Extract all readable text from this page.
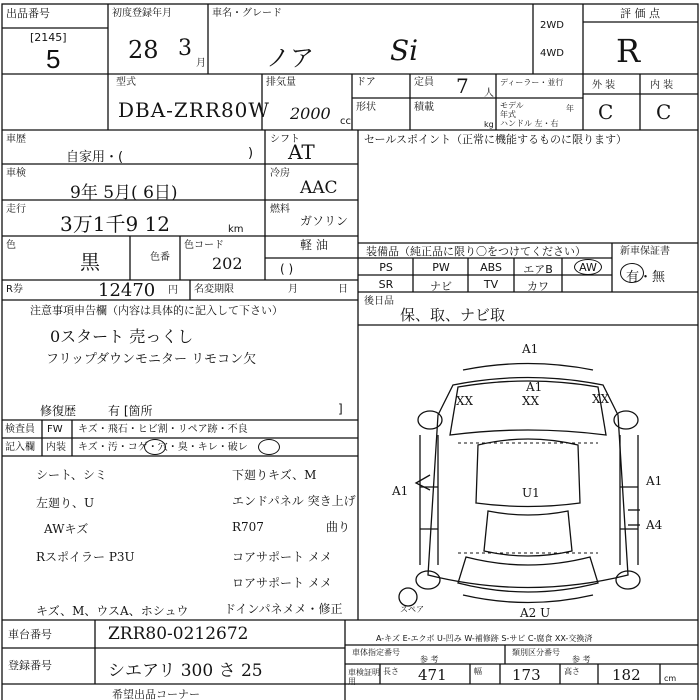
出品番号
[2145]
5
初度登録年月
28 3
月
車名・グレード
ノア	Si
2WD
4WD
評 価 点
R
型式
DBA-ZRR80W
排気量
2000 cc
ドア	定員 7 人
形状	積載
kg
ディーラー・並行
モデル 年式
年
ハンドル 左・右
外 装	内 装
C C
車歴
自家用・(	)
シフト
AT
車検
9年 5月( 6日)
冷房
AAC
走行
3万1千9 12	km
燃料
ガソリン
軽 油
( )
色
黒	色番
色コード
202
R券	12470 円 名変期限	月	日
セールスポイント（正常に機能するものに限ります）
装備品（純正品に限り〇をつけてください）	新車保証書
有・無
PS	PW	ABS	エアB	AW
SR	ナビ	TV	カワ
後日品
保、取、ナビ取
注意事項申告欄（内容は具体的に記入して下さい）
0スタート 売っくし
フリップダウンモニター リモコン欠
修復歴	有 [箇所	]
検査員
記入欄
FW キズ・飛石・ヒビ割・リペア跡・不良
内装 キズ・汚・コゲ・穴・臭・キレ・破レ
シート、シミ
左廻り、U
AWキズ
Rスポイラー P3U
キズ、M、ウスA、ホシュウ
下廻りキズ、M
エンドパネル 突き上げ
R707	曲り
コアサポート メメ
ロアサポート メメ
ドインパネメメ・修正
A1
A1
XX	XX	XX
U1
A1
A1
A4
A2 U
スペア
A-キズ E-エクボ U-凹み W-補修跡 S-サビ C-腐食 XX-交換済
車台番号	ZRR80-0212672
登録番号	シエアリ 300 さ 25
車体指定番号
参 考
類別区分番号
参 考
車検証明用
長さ 471	幅 173	高さ 182	cm
希望出品コーナー
